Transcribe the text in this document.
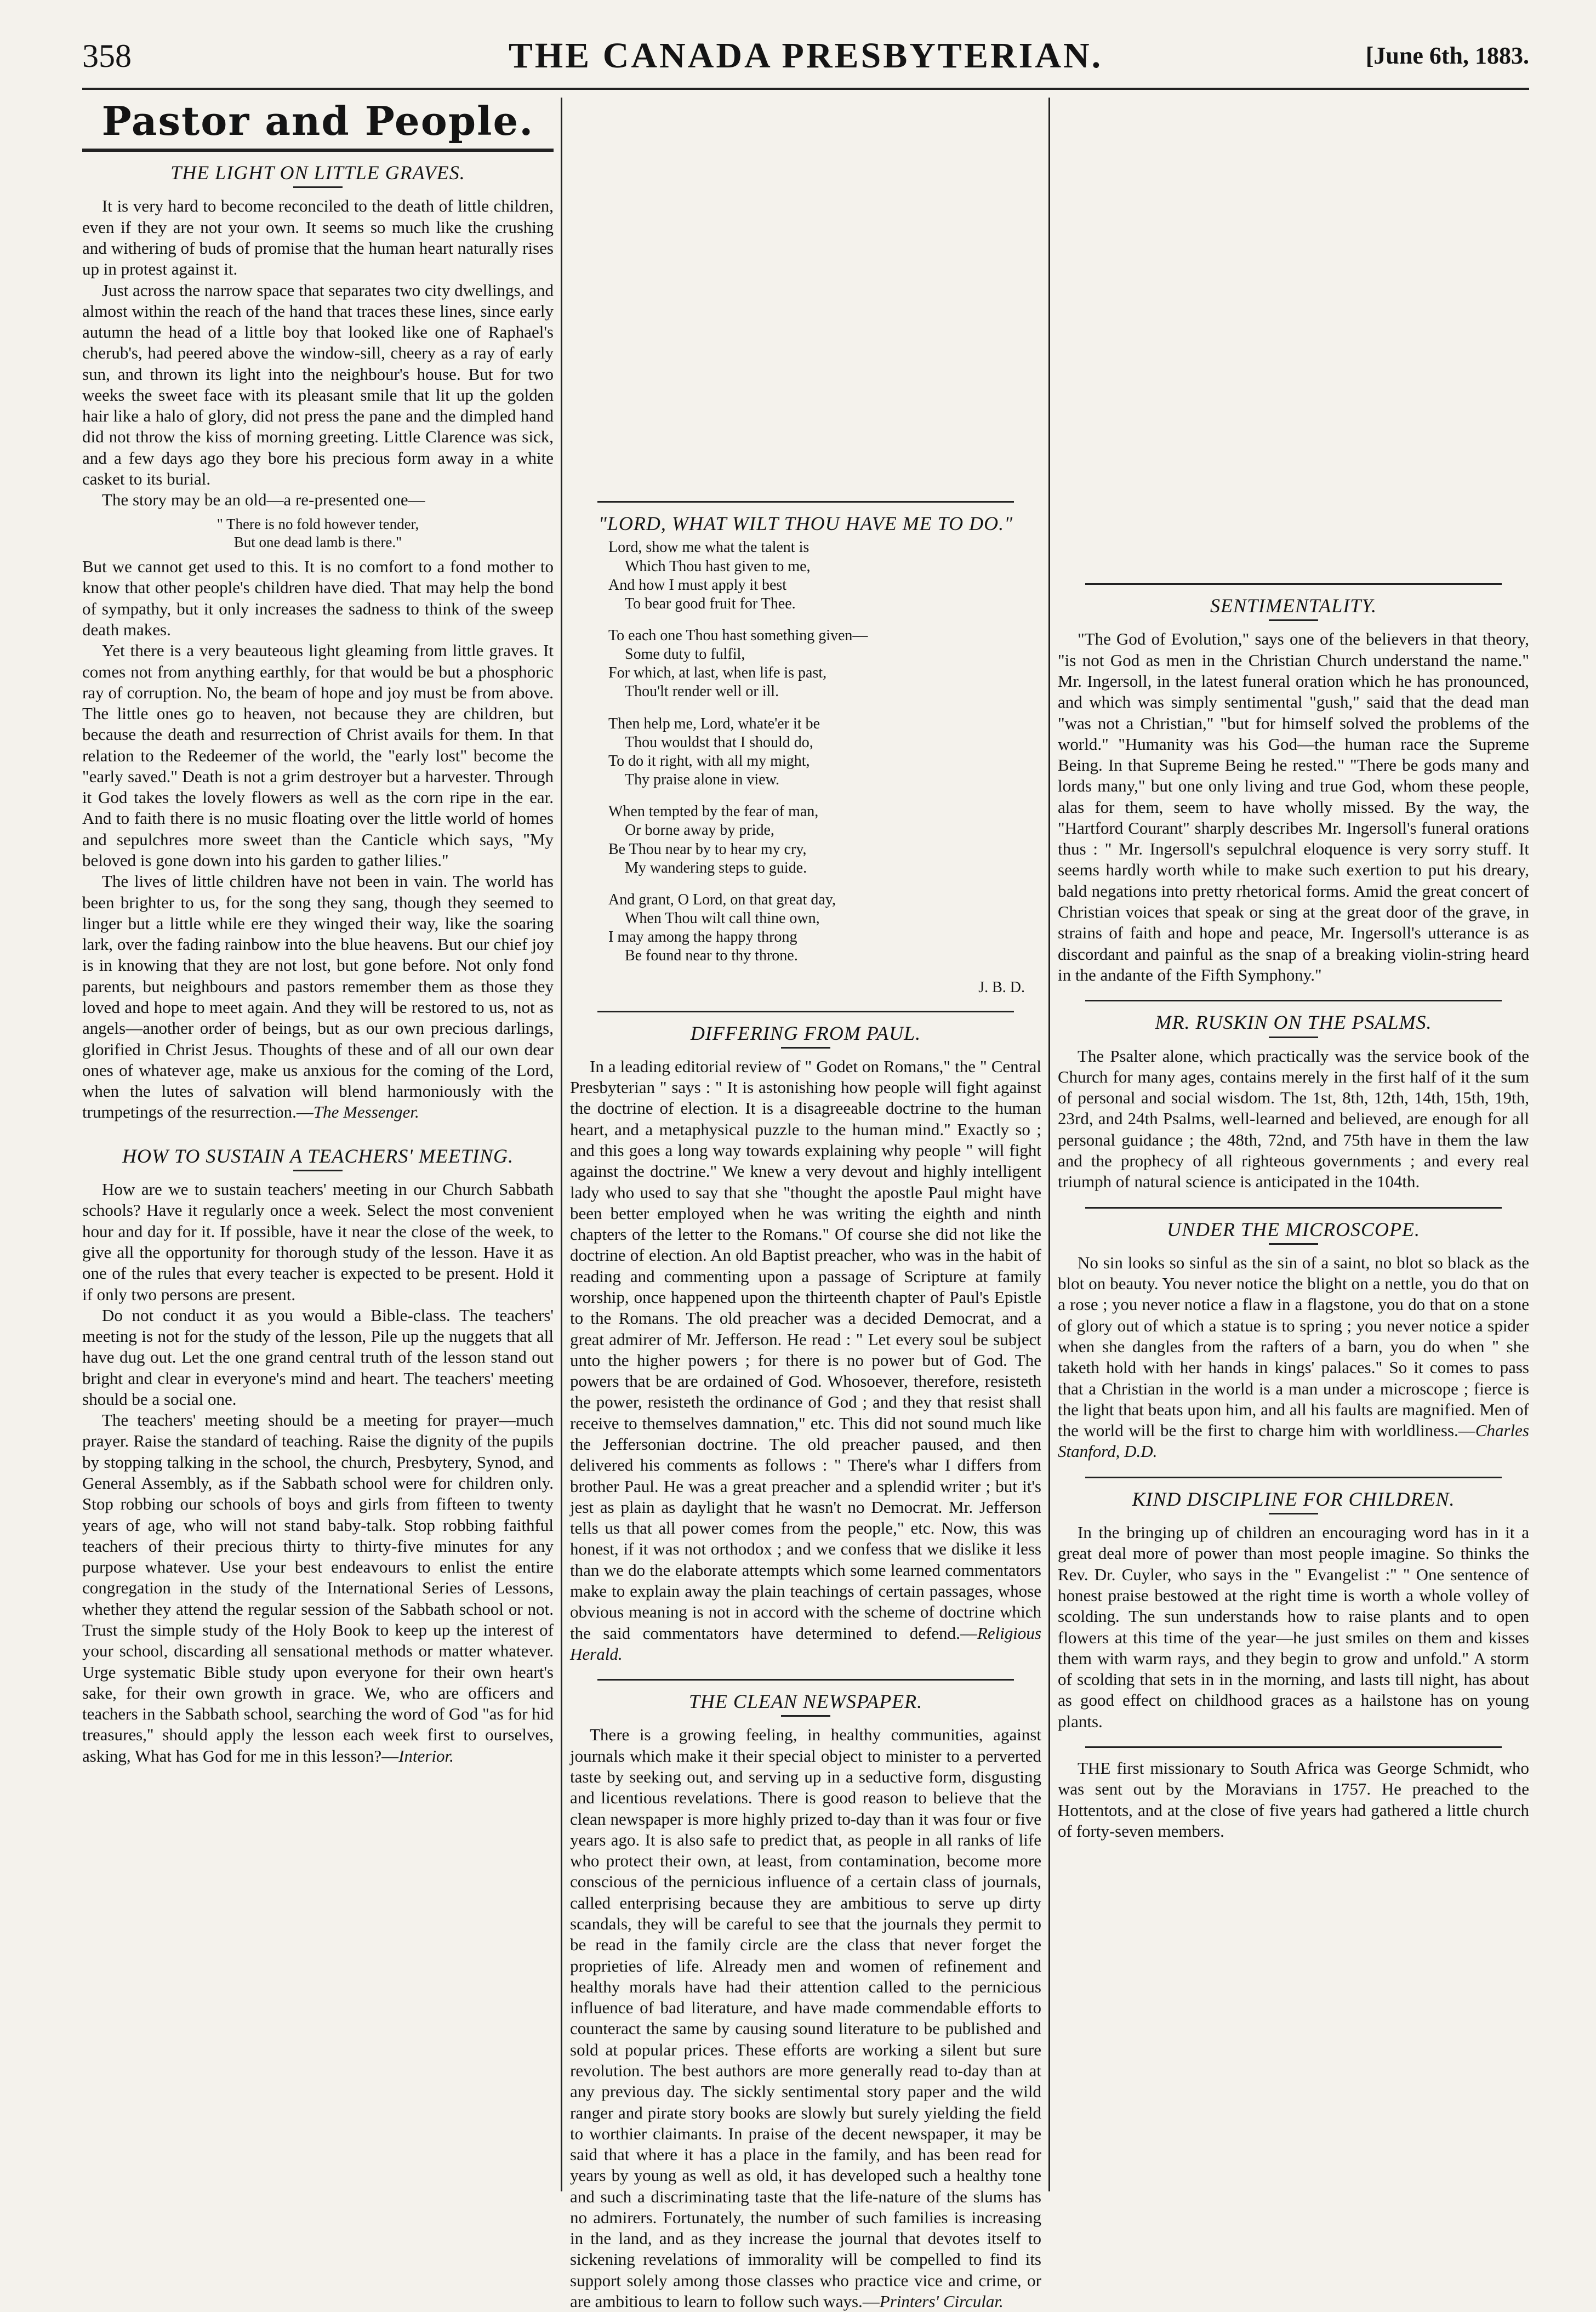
358	THE CANADA PRESBYTERIAN.	[June 6th, 1883.
Pastor and People.
THE LIGHT ON LITTLE GRAVES.

It is very hard to become reconciled to the death of little children, even if they are not your own. It seems so much like the crushing and withering of buds of promise that the human heart naturally rises up in protest against it.

Just across the narrow space that separates two city dwellings, and almost within the reach of the hand that traces these lines, since early autumn the head of a little boy that looked like one of Raphael's cherub's, had peered above the window-sill, cheery as a ray of early sun, and thrown its light into the neighbour's house. But for two weeks the sweet face with its pleasant smile that lit up the golden hair like a halo of glory, did not press the pane and the dimpled hand did not throw the kiss of morning greeting. Little Clarence was sick, and a few days ago they bore his precious form away in a white casket to its burial.

The story may be an old—a re-presented one—

" There is no fold however tender,
But one dead lamb is there."

But we cannot get used to this. It is no comfort to a fond mother to know that other people's children have died. That may help the bond of sympathy, but it only increases the sadness to think of the sweep death makes.

Yet there is a very beauteous light gleaming from little graves. It comes not from anything earthly, for that would be but a phosphoric ray of corruption. No, the beam of hope and joy must be from above. The little ones go to heaven, not because they are children, but because the death and resurrection of Christ avails for them. In that relation to the Redeemer of the world, the "early lost" become the "early saved." Death is not a grim destroyer but a harvester. Through it God takes the lovely flowers as well as the corn ripe in the ear. And to faith there is no music floating over the little world of homes and sepulchres more sweet than the Canticle which says, "My beloved is gone down into his garden to gather lilies."

The lives of little children have not been in vain. The world has been brighter to us, for the song they sang, though they seemed to linger but a little while ere they winged their way, like the soaring lark, over the fading rainbow into the blue heavens. But our chief joy is in knowing that they are not lost, but gone before. Not only fond parents, but neighbours and pastors remember them as those they loved and hope to meet again. And they will be restored to us, not as angels—another order of beings, but as our own precious darlings, glorified in Christ Jesus. Thoughts of these and of all our own dear ones of whatever age, make us anxious for the coming of the Lord, when the lutes of salvation will blend harmoniously with the trumpetings of the resurrection.—The Messenger.

HOW TO SUSTAIN A TEACHERS' MEETING.

How are we to sustain teachers' meeting in our Church Sabbath schools? Have it regularly once a week. Select the most convenient hour and day for it. If possible, have it near the close of the week, to give all the opportunity for thorough study of the lesson. Have it as one of the rules that every teacher is expected to be present. Hold it if only two persons are present.

Do not conduct it as you would a Bible-class. The teachers' meeting is not for the study of the lesson, Pile up the nuggets that all have dug out. Let the one grand central truth of the lesson stand out bright and clear in everyone's mind and heart. The teachers' meeting should be a social one.

The teachers' meeting should be a meeting for prayer—much prayer. Raise the standard of teaching. Raise the dignity of the pupils by stopping talking in the school, the church, Presbytery, Synod, and General Assembly, as if the Sabbath school were for children only. Stop robbing our schools of boys and girls from fifteen to twenty years of age, who will not stand baby-talk. Stop robbing faithful teachers of their precious thirty to thirty-five minutes for any purpose whatever. Use your best endeavours to enlist the entire congregation in the study of the International Series of Lessons, whether they attend the regular session of the Sabbath school or not. Trust the simple study of the Holy Book to keep up the interest of your school, discarding all sensational methods or matter whatever. Urge systematic Bible study upon everyone for their own heart's sake, for their own growth in grace. We, who are officers and teachers in the Sabbath school, searching the word of God "as for hid treasures," should apply the lesson each week first to ourselves, asking, What has God for me in this lesson?—Interior.

"LORD, WHAT WILT THOU HAVE ME TO DO."
Lord, show me what the talent is
Which Thou hast given to me,
And how I must apply it best
To bear good fruit for Thee.
To each one Thou hast something given—
Some duty to fulfil,
For which, at last, when life is past,
Thou'lt render well or ill.
Then help me, Lord, whate'er it be
Thou wouldst that I should do,
To do it right, with all my might,
Thy praise alone in view.
When tempted by the fear of man,
Or borne away by pride,
Be Thou near by to hear my cry,
My wandering steps to guide.
And grant, O Lord, on that great day,
When Thou wilt call thine own,
I may among the happy throng
Be found near to thy throne.
J. B. D.
DIFFERING FROM PAUL.

In a leading editorial review of " Godet on Romans," the " Central Presbyterian " says : " It is astonishing how people will fight against the doctrine of election. It is a disagreeable doctrine to the human heart, and a metaphysical puzzle to the human mind." Exactly so ; and this goes a long way towards explaining why people " will fight against the doctrine." We knew a very devout and highly intelligent lady who used to say that she "thought the apostle Paul might have been better employed when he was writing the eighth and ninth chapters of the letter to the Romans." Of course she did not like the doctrine of election. An old Baptist preacher, who was in the habit of reading and commenting upon a passage of Scripture at family worship, once happened upon the thirteenth chapter of Paul's Epistle to the Romans. The old preacher was a decided Democrat, and a great admirer of Mr. Jefferson. He read : " Let every soul be subject unto the higher powers ; for there is no power but of God. The powers that be are ordained of God. Whosoever, therefore, resisteth the power, resisteth the ordinance of God ; and they that resist shall receive to themselves damnation," etc. This did not sound much like the Jeffersonian doctrine. The old preacher paused, and then delivered his comments as follows : " There's whar I differs from brother Paul. He was a great preacher and a splendid writer ; but it's jest as plain as daylight that he wasn't no Democrat. Mr. Jefferson tells us that all power comes from the people," etc. Now, this was honest, if it was not orthodox ; and we confess that we dislike it less than we do the elaborate attempts which some learned commentators make to explain away the plain teachings of certain passages, whose obvious meaning is not in accord with the scheme of doctrine which the said commentators have determined to defend.—Religious Herald.

THE CLEAN NEWSPAPER.

There is a growing feeling, in healthy communities, against journals which make it their special object to minister to a perverted taste by seeking out, and serving up in a seductive form, disgusting and licentious revelations. There is good reason to believe that the clean newspaper is more highly prized to-day than it was four or five years ago. It is also safe to predict that, as people in all ranks of life who protect their own, at least, from contamination, become more conscious of the pernicious influence of a certain class of journals, called enterprising because they are ambitious to serve up dirty scandals, they will be careful to see that the journals they permit to be read in the family circle are the class that never forget the proprieties of life. Already men and women of refinement and healthy morals have had their attention called to the pernicious influence of bad literature, and have made commendable efforts to counteract the same by causing sound literature to be published and sold at popular prices. These efforts are working a silent but sure revolution. The best authors are more generally read to-day than at any previous day. The sickly sentimental story paper and the wild ranger and pirate story books are slowly but surely yielding the field to worthier claimants. In praise of the decent newspaper, it may be said that where it has a place in the family, and has been read for years by young as well as old, it has developed such a healthy tone and such a discriminating taste that the life-nature of the slums has no admirers. Fortunately, the number of such families is increasing in the land, and as they increase the journal that devotes itself to sickening revelations of immorality will be compelled to find its support solely among those classes who practice vice and crime, or are ambitious to learn to follow such ways.—Printers' Circular.

SENTIMENTALITY.

"The God of Evolution," says one of the believers in that theory, "is not God as men in the Christian Church understand the name." Mr. Ingersoll, in the latest funeral oration which he has pronounced, and which was simply sentimental "gush," said that the dead man "was not a Christian," "but for himself solved the problems of the world." "Humanity was his God—the human race the Supreme Being. In that Supreme Being he rested." "There be gods many and lords many," but one only living and true God, whom these people, alas for them, seem to have wholly missed. By the way, the "Hartford Courant" sharply describes Mr. Ingersoll's funeral orations thus : " Mr. Ingersoll's sepulchral eloquence is very sorry stuff. It seems hardly worth while to make such exertion to put his dreary, bald negations into pretty rhetorical forms. Amid the great concert of Christian voices that speak or sing at the great door of the grave, in strains of faith and hope and peace, Mr. Ingersoll's utterance is as discordant and painful as the snap of a breaking violin-string heard in the andante of the Fifth Symphony."

MR. RUSKIN ON THE PSALMS.

The Psalter alone, which practically was the service book of the Church for many ages, contains merely in the first half of it the sum of personal and social wisdom. The 1st, 8th, 12th, 14th, 15th, 19th, 23rd, and 24th Psalms, well-learned and believed, are enough for all personal guidance ; the 48th, 72nd, and 75th have in them the law and the prophecy of all righteous governments ; and every real triumph of natural science is anticipated in the 104th.

UNDER THE MICROSCOPE.

No sin looks so sinful as the sin of a saint, no blot so black as the blot on beauty. You never notice the blight on a nettle, you do that on a rose ; you never notice a flaw in a flagstone, you do that on a stone of glory out of which a statue is to spring ; you never notice a spider when she dangles from the rafters of a barn, you do when " she taketh hold with her hands in kings' palaces." So it comes to pass that a Christian in the world is a man under a microscope ; fierce is the light that beats upon him, and all his faults are magnified. Men of the world will be the first to charge him with worldliness.—Charles Stanford, D.D.

KIND DISCIPLINE FOR CHILDREN.

In the bringing up of children an encouraging word has in it a great deal more of power than most people imagine. So thinks the Rev. Dr. Cuyler, who says in the " Evangelist :" " One sentence of honest praise bestowed at the right time is worth a whole volley of scolding. The sun understands how to raise plants and to open flowers at this time of the year—he just smiles on them and kisses them with warm rays, and they begin to grow and unfold." A storm of scolding that sets in in the morning, and lasts till night, has about as good effect on childhood graces as a hailstone has on young plants.

THE first missionary to South Africa was George Schmidt, who was sent out by the Moravians in 1757. He preached to the Hottentots, and at the close of five years had gathered a little church of forty-seven members.
